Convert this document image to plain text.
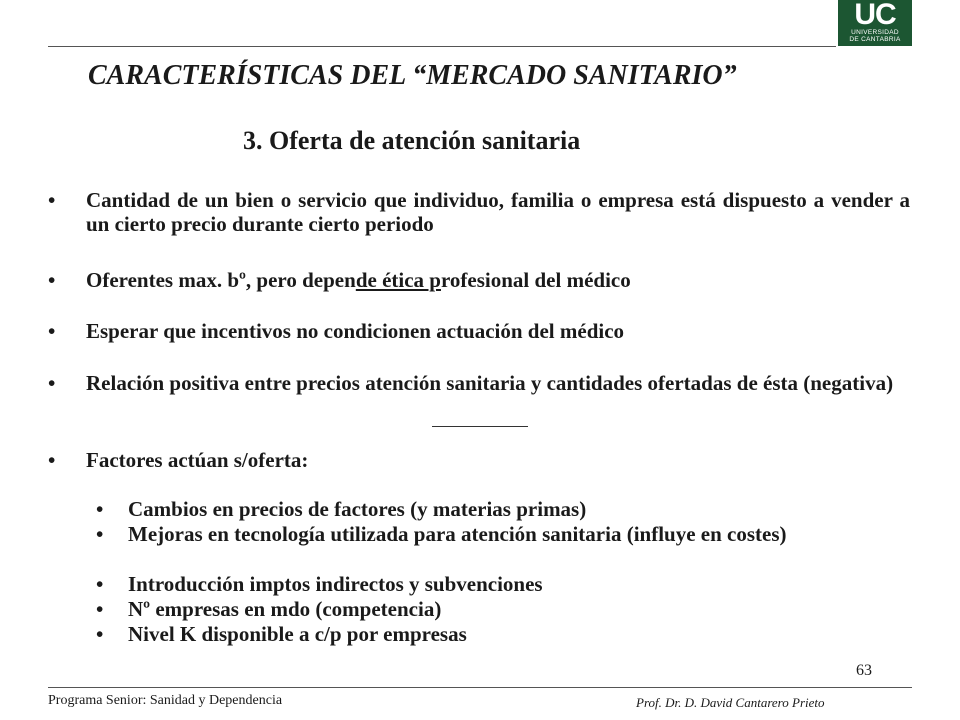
UC
UNIVERSIDAD
DE CANTABRIA
CARACTERÍSTICAS DEL “MERCADO SANITARIO”
3. Oferta de atención sanitaria
•	Cantidad de un bien o servicio que individuo, familia o empresa está dispuesto a vender a un cierto precio durante cierto periodo
•	Oferentes max. bº, pero depende ética profesional del médico
•	Esperar que incentivos no condicionen actuación del médico
•	Relación positiva entre precios atención sanitaria y cantidades ofertadas de ésta (negativa)
•	Factores actúan s/oferta:
• Cambios en precios de factores (y materias primas)
• Mejoras en tecnología utilizada para atención sanitaria (influye en costes)
• Introducción imptos indirectos y subvenciones
• Nº empresas en mdo (competencia)
• Nivel K disponible a c/p por empresas
63
Programa Senior: Sanidad y Dependencia	Prof. Dr. D. David Cantarero Prieto
